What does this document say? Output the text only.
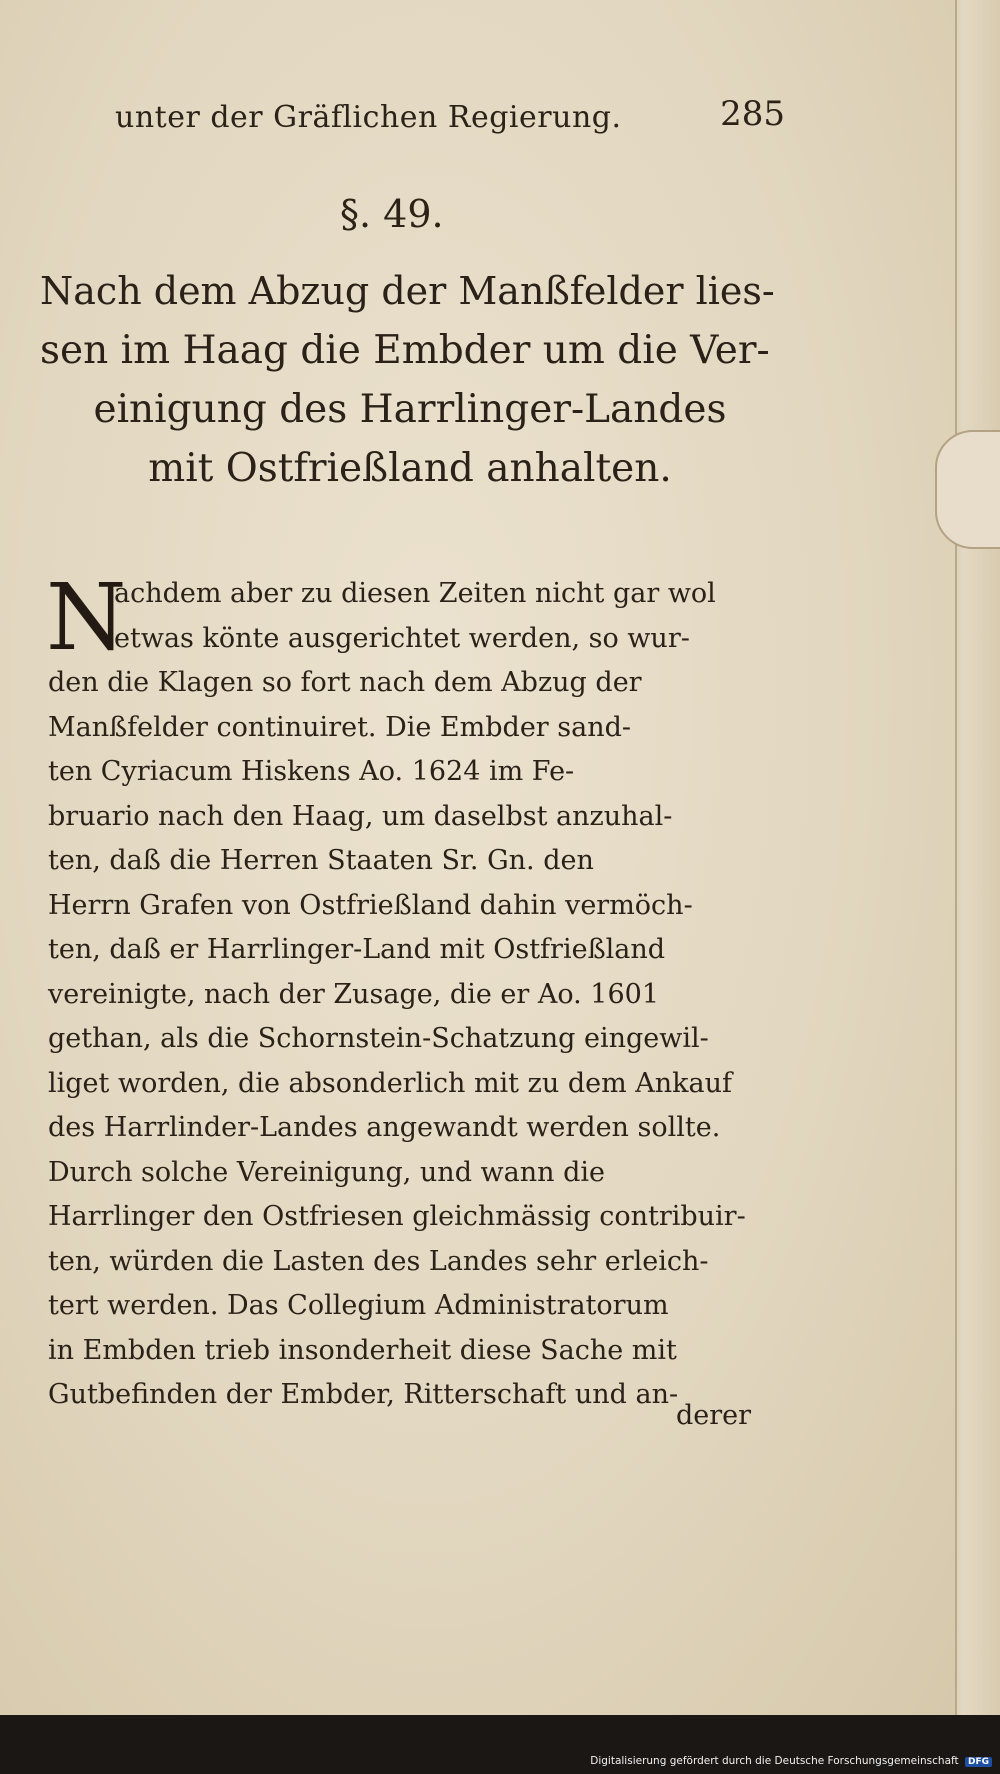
unter der Gräflichen Regierung.	285
§. 49.
Nach dem Abzug der Manßfelder lies-
sen im Haag die Embder um die Ver-
einigung des Harrlinger-Landes
mit Ostfrießland anhalten.
N
achdem aber zu diesen Zeiten nicht gar wol
etwas könte ausgerichtet werden, so wur-
den die Klagen so fort nach dem Abzug der
Manßfelder continuiret. Die Embder sand-
ten Cyriacum Hiskens Ao. 1624 im Fe-
bruario nach den Haag, um daselbst anzuhal-
ten, daß die Herren Staaten Sr. Gn. den
Herrn Grafen von Ostfrießland dahin vermöch-
ten, daß er Harrlinger-Land mit Ostfrießland
vereinigte, nach der Zusage, die er Ao. 1601
gethan, als die Schornstein-Schatzung eingewil-
liget worden, die absonderlich mit zu dem Ankauf
des Harrlinder-Landes angewandt werden sollte.
Durch solche Vereinigung, und wann die
Harrlinger den Ostfriesen gleichmässig contribuir-
ten, würden die Lasten des Landes sehr erleich-
tert werden. Das Collegium Administratorum
in Embden trieb insonderheit diese Sache mit
Gutbefinden der Embder, Ritterschaft und an-
derer
Digitalisierung gefördert durch die Deutsche Forschungsgemeinschaft DFG
